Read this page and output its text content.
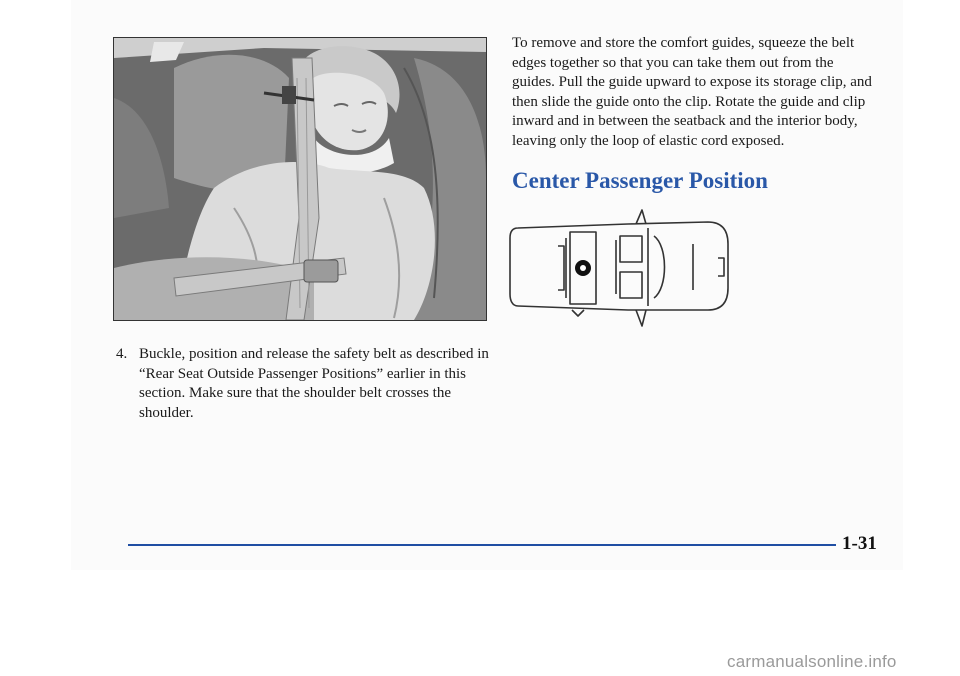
To remove and store the comfort guides, squeeze the belt edges together so that you can take them out from the guides. Pull the guide upward to expose its storage clip, and then slide the guide onto the clip. Rotate the guide and clip inward and in between the seatback and the interior body, leaving only the loop of elastic cord exposed.

Center Passenger Position
4. Buckle, position and release the safety belt as described in “Rear Seat Outside Passenger Positions” earlier in this section. Make sure that the shoulder belt crosses the shoulder.
1-31
carmanualsonline.info
